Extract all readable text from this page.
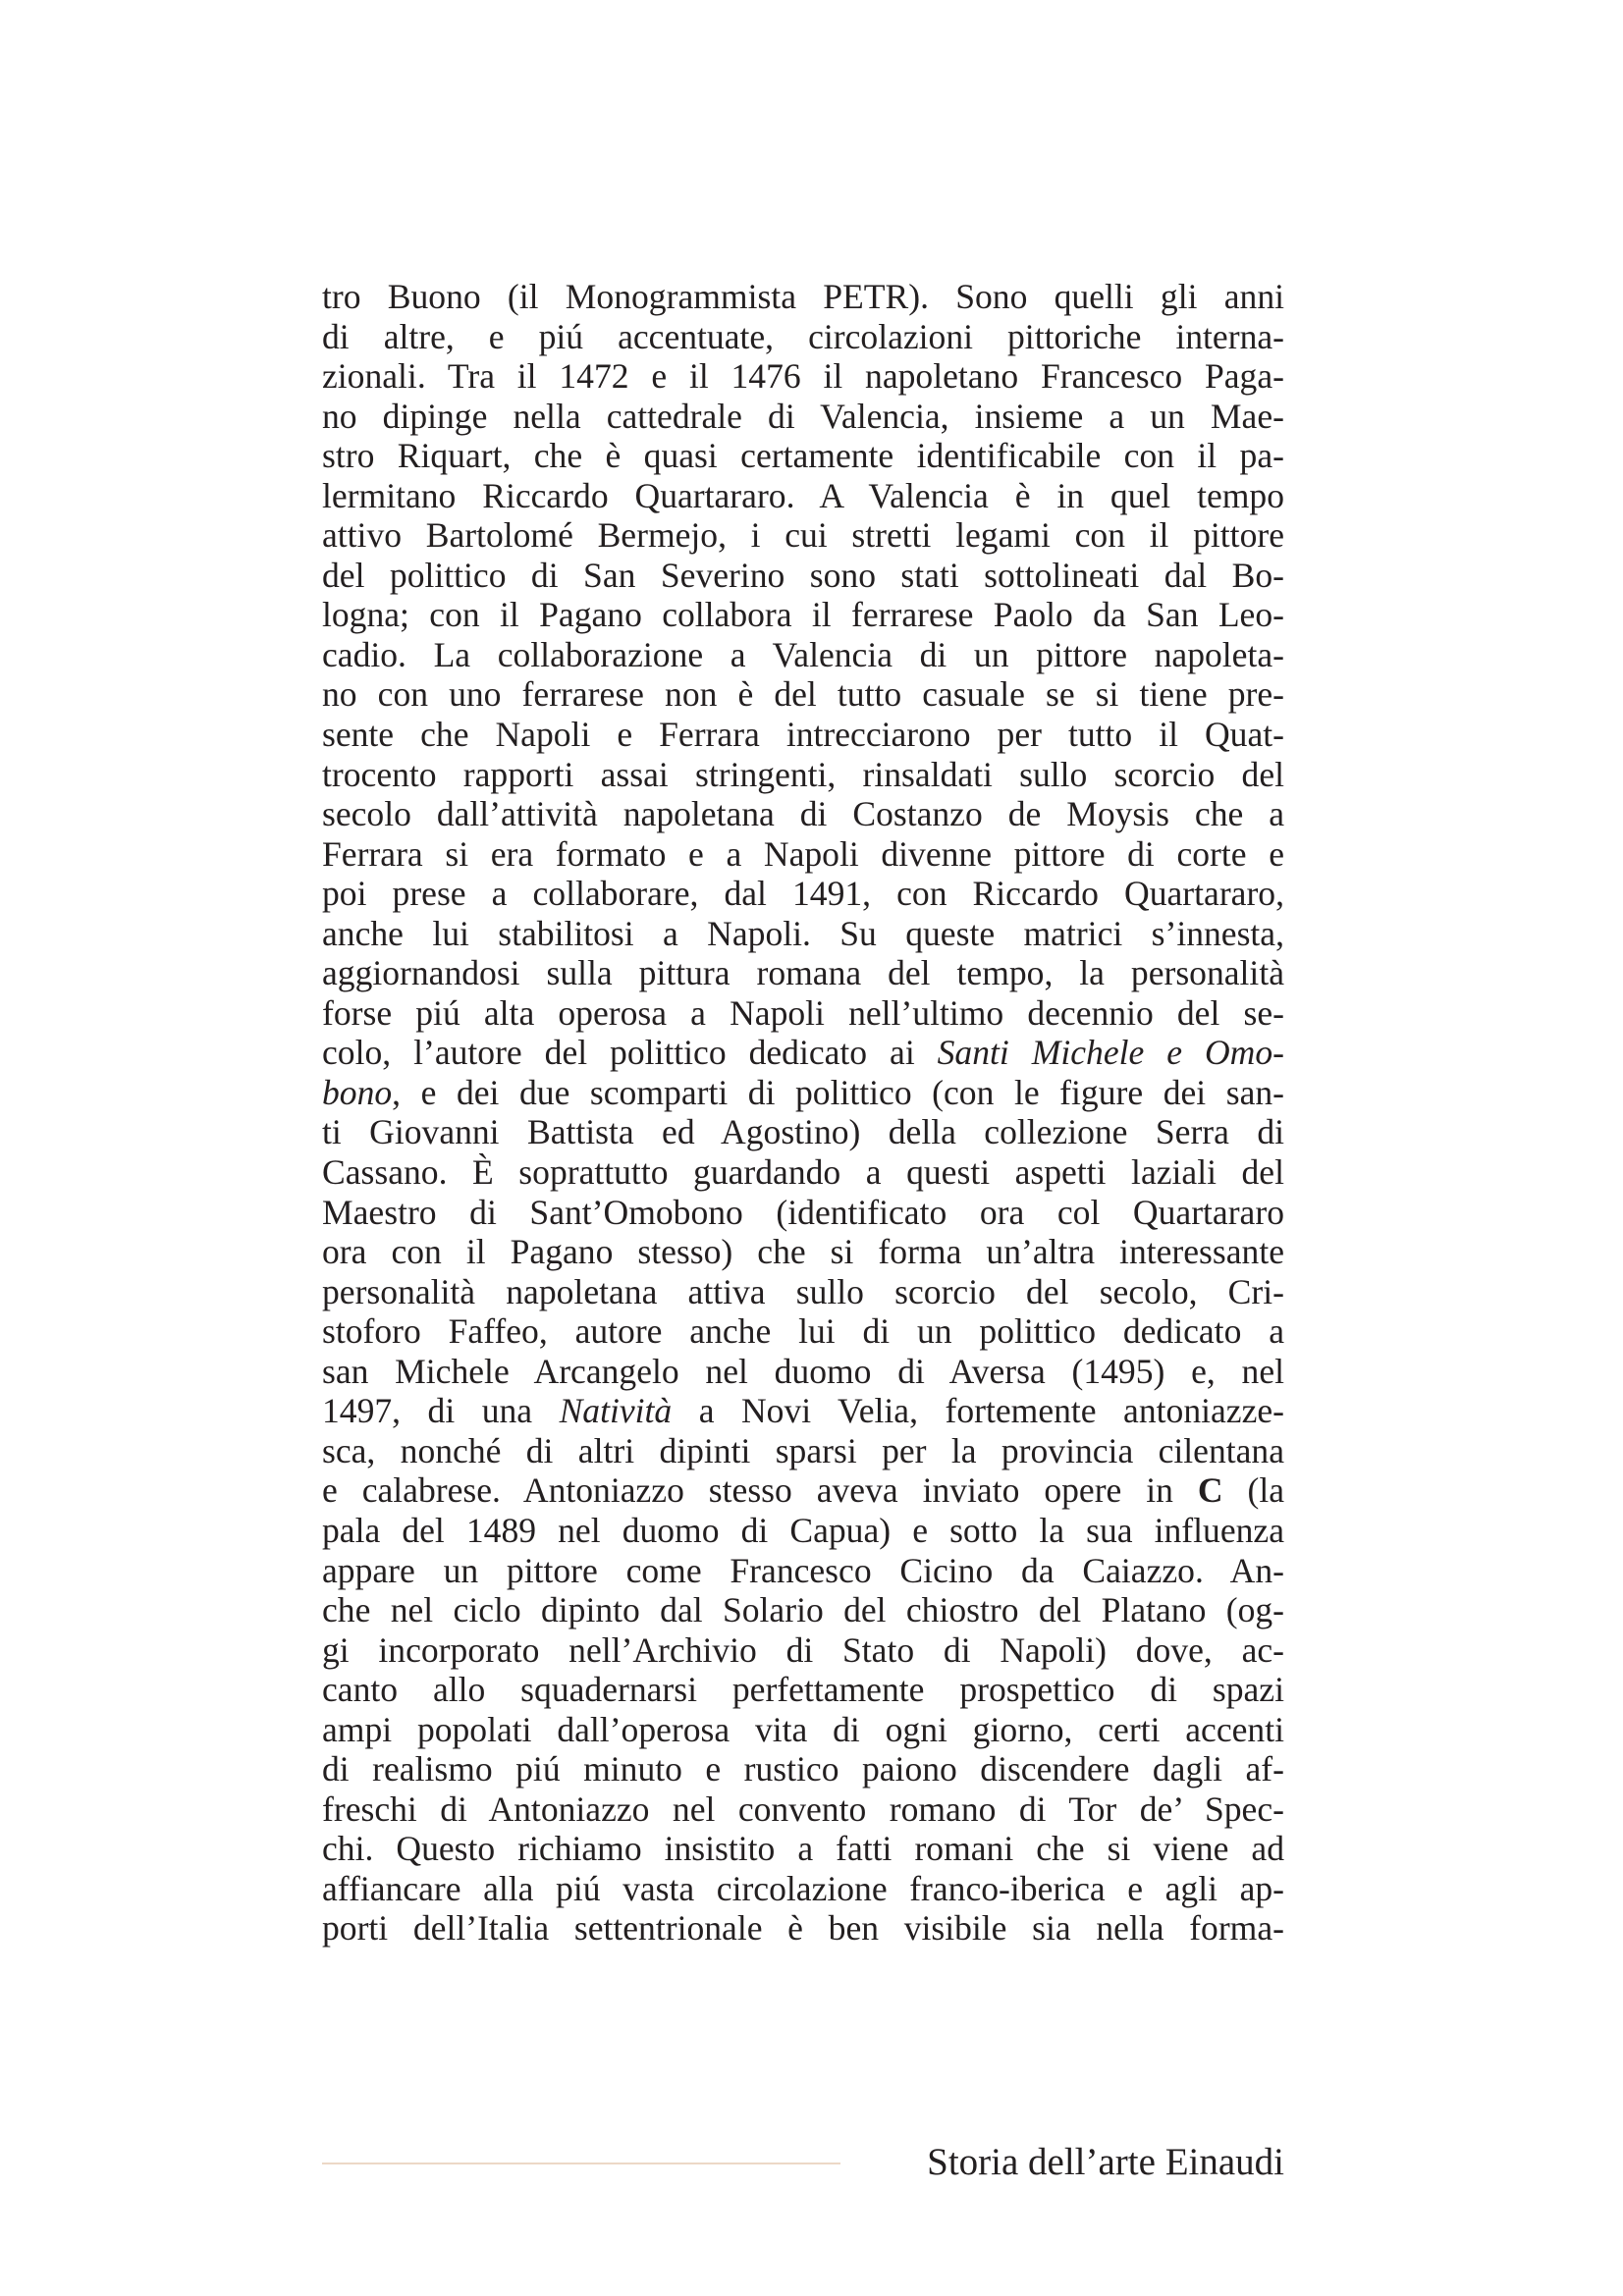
tro Buono (il Monogrammista PETR). Sono quelli gli anni
di altre, e piú accentuate, circolazioni pittoriche interna-
zionali. Tra il 1472 e il 1476 il napoletano Francesco Paga-
no dipinge nella cattedrale di Valencia, insieme a un Mae-
stro Riquart, che è quasi certamente identificabile con il pa-
lermitano Riccardo Quartararo. A Valencia è in quel tempo
attivo Bartolomé Bermejo, i cui stretti legami con il pittore
del polittico di San Severino sono stati sottolineati dal Bo-
logna; con il Pagano collabora il ferrarese Paolo da San Leo-
cadio. La collaborazione a Valencia di un pittore napoleta-
no con uno ferrarese non è del tutto casuale se si tiene pre-
sente che Napoli e Ferrara intrecciarono per tutto il Quat-
trocento rapporti assai stringenti, rinsaldati sullo scorcio del
secolo dall’attività napoletana di Costanzo de Moysis che a
Ferrara si era formato e a Napoli divenne pittore di corte e
poi prese a collaborare, dal 1491, con Riccardo Quartararo,
anche lui stabilitosi a Napoli. Su queste matrici s’innesta,
aggiornandosi sulla pittura romana del tempo, la personalità
forse piú alta operosa a Napoli nell’ultimo decennio del se-
colo, l’autore del polittico dedicato ai Santi Michele e Omo-
bono, e dei due scomparti di polittico (con le figure dei san-
ti Giovanni Battista ed Agostino) della collezione Serra di
Cassano. È soprattutto guardando a questi aspetti laziali del
Maestro di Sant’Omobono (identificato ora col Quartararo
ora con il Pagano stesso) che si forma un’altra interessante
personalità napoletana attiva sullo scorcio del secolo, Cri-
stoforo Faffeo, autore anche lui di un polittico dedicato a
san Michele Arcangelo nel duomo di Aversa (1495) e, nel
1497, di una Natività a Novi Velia, fortemente antoniazze-
sca, nonché di altri dipinti sparsi per la provincia cilentana
e calabrese. Antoniazzo stesso aveva inviato opere in C (la
pala del 1489 nel duomo di Capua) e sotto la sua influenza
appare un pittore come Francesco Cicino da Caiazzo. An-
che nel ciclo dipinto dal Solario del chiostro del Platano (og-
gi incorporato nell’Archivio di Stato di Napoli) dove, ac-
canto allo squadernarsi perfettamente prospettico di spazi
ampi popolati dall’operosa vita di ogni giorno, certi accenti
di realismo piú minuto e rustico paiono discendere dagli af-
freschi di Antoniazzo nel convento romano di Tor de’ Spec-
chi. Questo richiamo insistito a fatti romani che si viene ad
affiancare alla piú vasta circolazione franco-iberica e agli ap-
porti dell’Italia settentrionale è ben visibile sia nella forma-
Storia dell’arte Einaudi
